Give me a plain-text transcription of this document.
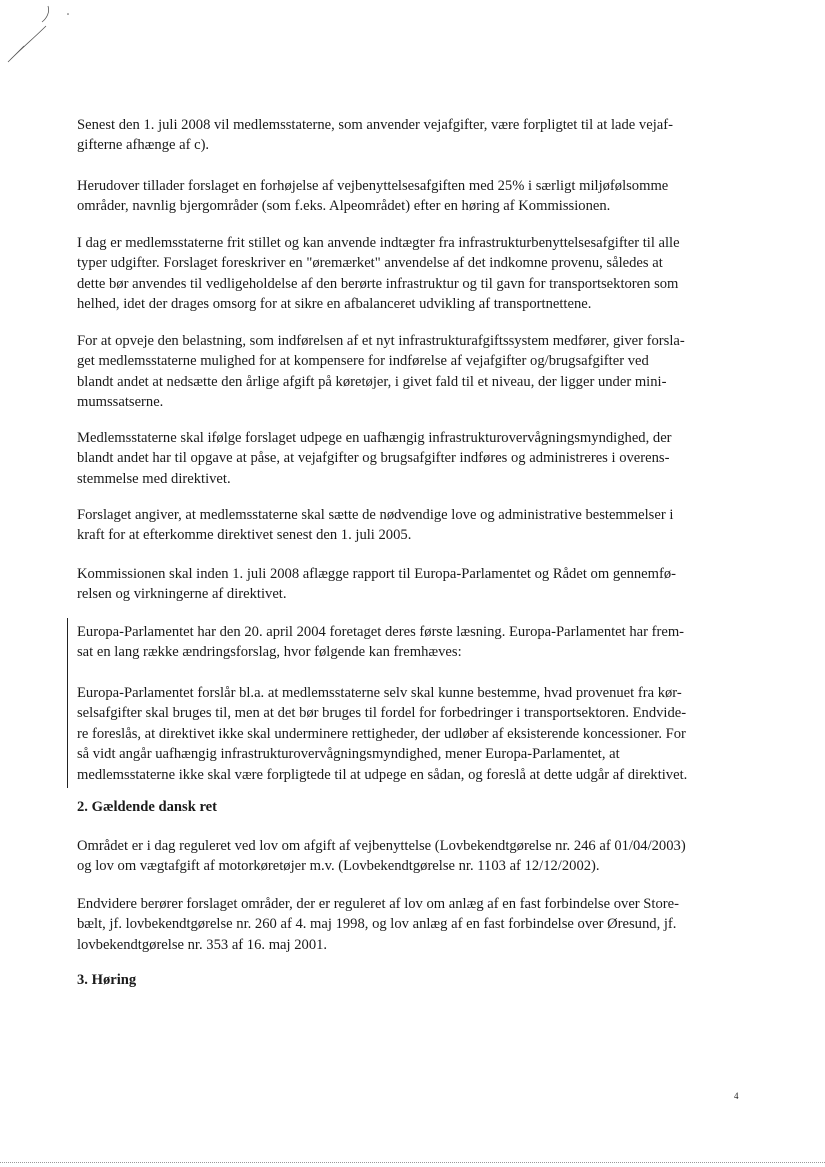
Senest den 1. juli 2008 vil medlemsstaterne, som anvender vejafgifter, være forpligtet til at lade vejaf-
gifterne afhænge af c).

Herudover tillader forslaget en forhøjelse af vejbenyttelsesafgiften med 25% i særligt miljøfølsomme
områder, navnlig bjergområder (som f.eks. Alpeområdet) efter en høring af Kommissionen.

I dag er medlemsstaterne frit stillet og kan anvende indtægter fra infrastrukturbenyttelsesafgifter til alle
typer udgifter. Forslaget foreskriver en "øremærket" anvendelse af det indkomne provenu, således at
dette bør anvendes til vedligeholdelse af den berørte infrastruktur og til gavn for transportsektoren som
helhed, idet der drages omsorg for at sikre en afbalanceret udvikling af transportnettene.

For at opveje den belastning, som indførelsen af et nyt infrastrukturafgiftssystem medfører, giver forsla-
get medlemsstaterne mulighed for at kompensere for indførelse af vejafgifter og/brugsafgifter ved
blandt andet at nedsætte den årlige afgift på køretøjer, i givet fald til et niveau, der ligger under mini-
mumssatserne.

Medlemsstaterne skal ifølge forslaget udpege en uafhængig infrastrukturovervågningsmyndighed, der
blandt andet har til opgave at påse, at vejafgifter og brugsafgifter indføres og administreres i overens-
stemmelse med direktivet.

Forslaget angiver, at medlemsstaterne skal sætte de nødvendige love og administrative bestemmelser i
kraft for at efterkomme direktivet senest den 1. juli 2005.

Kommissionen skal inden 1. juli 2008 aflægge rapport til Europa-Parlamentet og Rådet om gennemfø-
relsen og virkningerne af direktivet.

Europa-Parlamentet har den 20. april 2004 foretaget deres første læsning. Europa-Parlamentet har frem-
sat en lang række ændringsforslag, hvor følgende kan fremhæves:

Europa-Parlamentet forslår bl.a. at medlemsstaterne selv skal kunne bestemme, hvad provenuet fra kør-
selsafgifter skal bruges til, men at det bør bruges til fordel for forbedringer i transportsektoren. Endvide-
re foreslås, at direktivet ikke skal underminere rettigheder, der udløber af eksisterende koncessioner. For
så vidt angår uafhængig infrastrukturovervågningsmyndighed, mener Europa-Parlamentet, at
medlemsstaterne ikke skal være forpligtede til at udpege en sådan, og foreslå at dette udgår af direktivet.

2. Gældende dansk ret

Området er i dag reguleret ved lov om afgift af vejbenyttelse (Lovbekendtgørelse nr. 246 af 01/04/2003)
og lov om vægtafgift af motorkøretøjer m.v. (Lovbekendtgørelse nr. 1103 af 12/12/2002).

Endvidere berører forslaget områder, der er reguleret af lov om anlæg af en fast forbindelse over Store-
bælt, jf. lovbekendtgørelse nr. 260 af 4. maj 1998, og lov anlæg af en fast forbindelse over Øresund, jf.
lovbekendtgørelse nr. 353 af 16. maj 2001.

3. Høring

4
